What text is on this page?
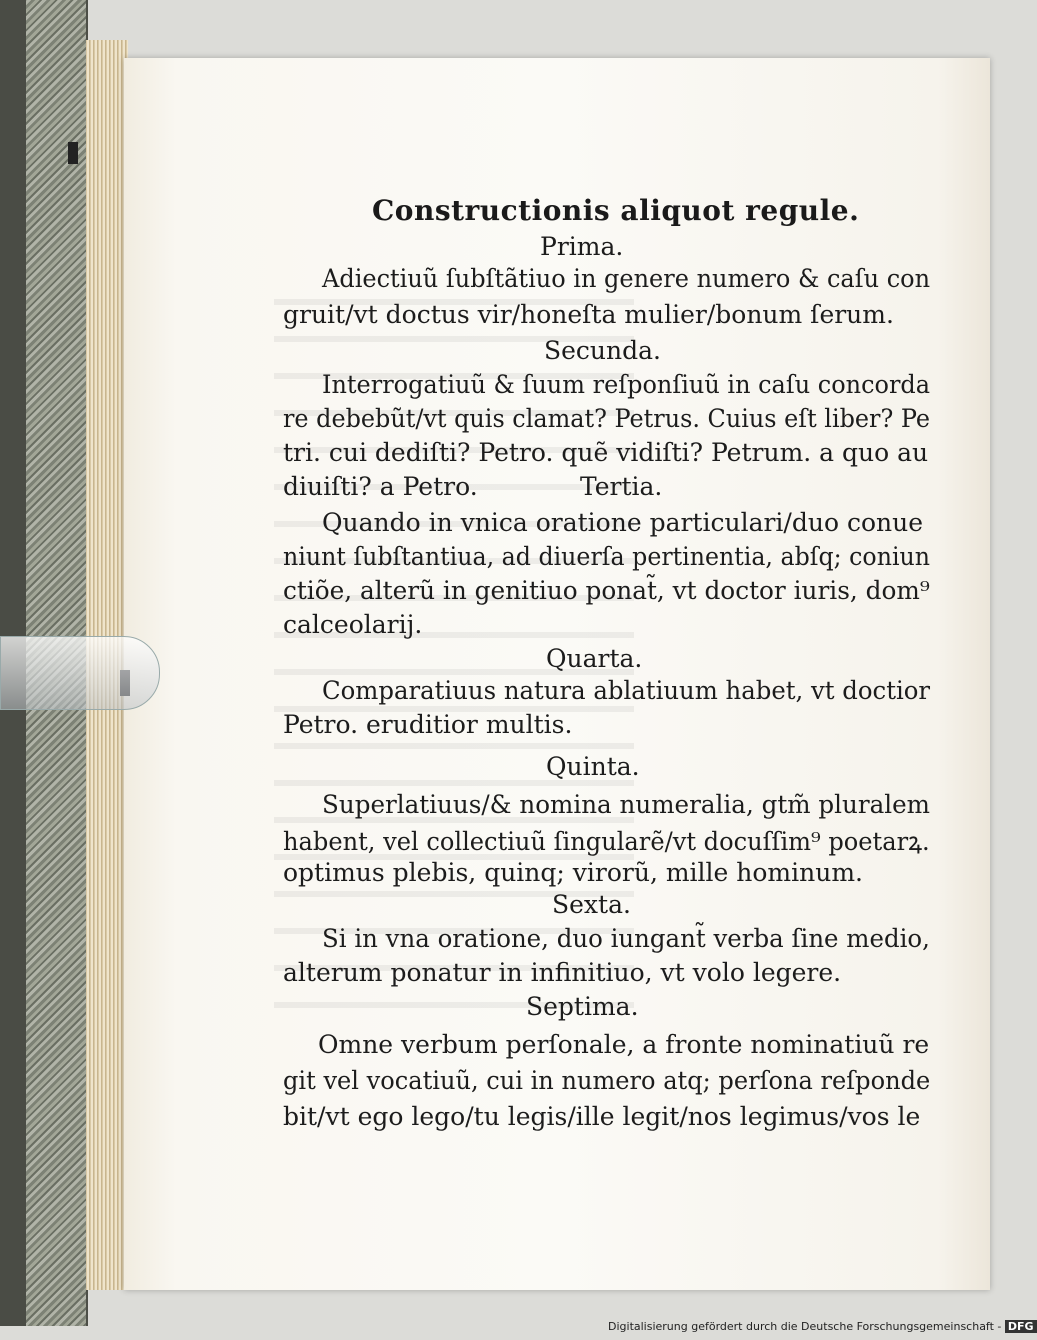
Constructionis aliquot regule.
Prima.
Adiectiuũ ſubſtãtiuo in genere numero & caſu con
gruit/vt doctus vir/honeſta mulier/bonum ſerum.
Secunda.
Interrogatiuũ & ſuum reſponſiuũ in caſu concorda
re debebũt/vt quis clamat? Petrus. Cuius eſt liber? Pe
tri. cui dediſti? Petro. quẽ vidiſti? Petrum. a quo au
diuiſti? a Petro.	Tertia.
Quando in vnica oratione particulari/duo conue
niunt ſubſtantiua, ad diuerſa pertinentia, abſq; coniun
ctiõe, alterũ in genitiuo ponat̃, vt doctor iuris, dom⁹
calceolarij.
Quarta.
Comparatiuus natura ablatiuum habet, vt doctior
Petro. eruditior multis.
Quinta.
Superlatiuus/& nomina numeralia, gtm̃ pluralem
habent, vel collectiuũ ſingularẽ/vt docuſſim⁹ poetarꝝ.
optimus plebis, quinq; virorũ, mille hominum.
Sexta.
Si in vna oratione, duo iungant̃ verba ſine medio,
alterum ponatur in infinitiuo, vt volo legere.
Septima.
Omne verbum perſonale, a fronte nominatiuũ re
git vel vocatiuũ, cui in numero atq; perſona reſponde
bit/vt ego lego/tu legis/ille legit/nos legimus/vos le
Digitalisierung gefördert durch die Deutsche Forschungsgemeinschaft - DFG
